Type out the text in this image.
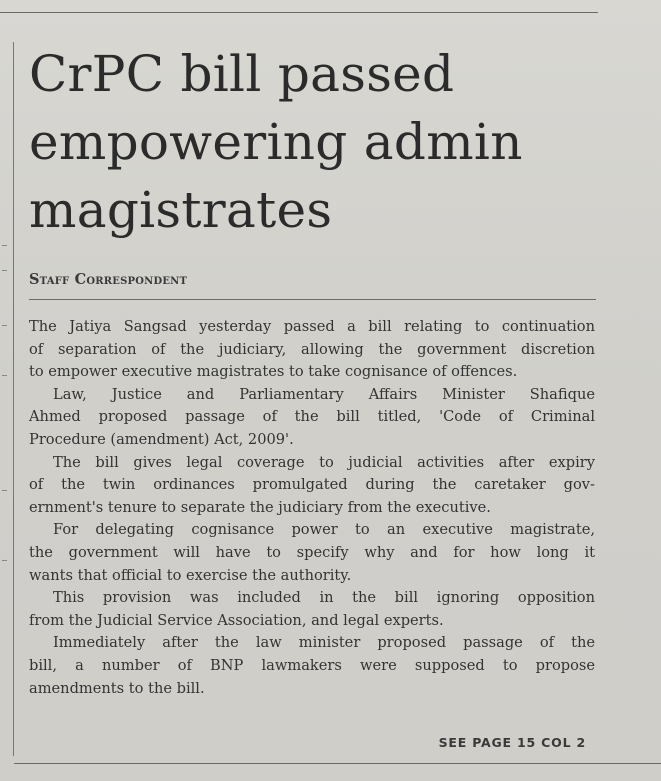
CrPC bill passed
empowering admin
magistrates
Staff Correspondent
The Jatiya Sangsad yesterday passed a bill relating to continuation
of separation of the judiciary, allowing the government discretion
to empower executive magistrates to take cognisance of offences.
Law, Justice and Parliamentary Affairs Minister Shafique
Ahmed proposed passage of the bill titled, 'Code of Criminal
Procedure (amendment) Act, 2009'.
The bill gives legal coverage to judicial activities after expiry
of the twin ordinances promulgated during the caretaker gov-
ernment's tenure to separate the judiciary from the executive.
For delegating cognisance power to an executive magistrate,
the government will have to specify why and for how long it
wants that official to exercise the authority.
This provision was included in the bill ignoring opposition
from the Judicial Service Association, and legal experts.
Immediately after the law minister proposed passage of the
bill, a number of BNP lawmakers were supposed to propose
amendments to the bill.
SEE PAGE 15 COL 2
